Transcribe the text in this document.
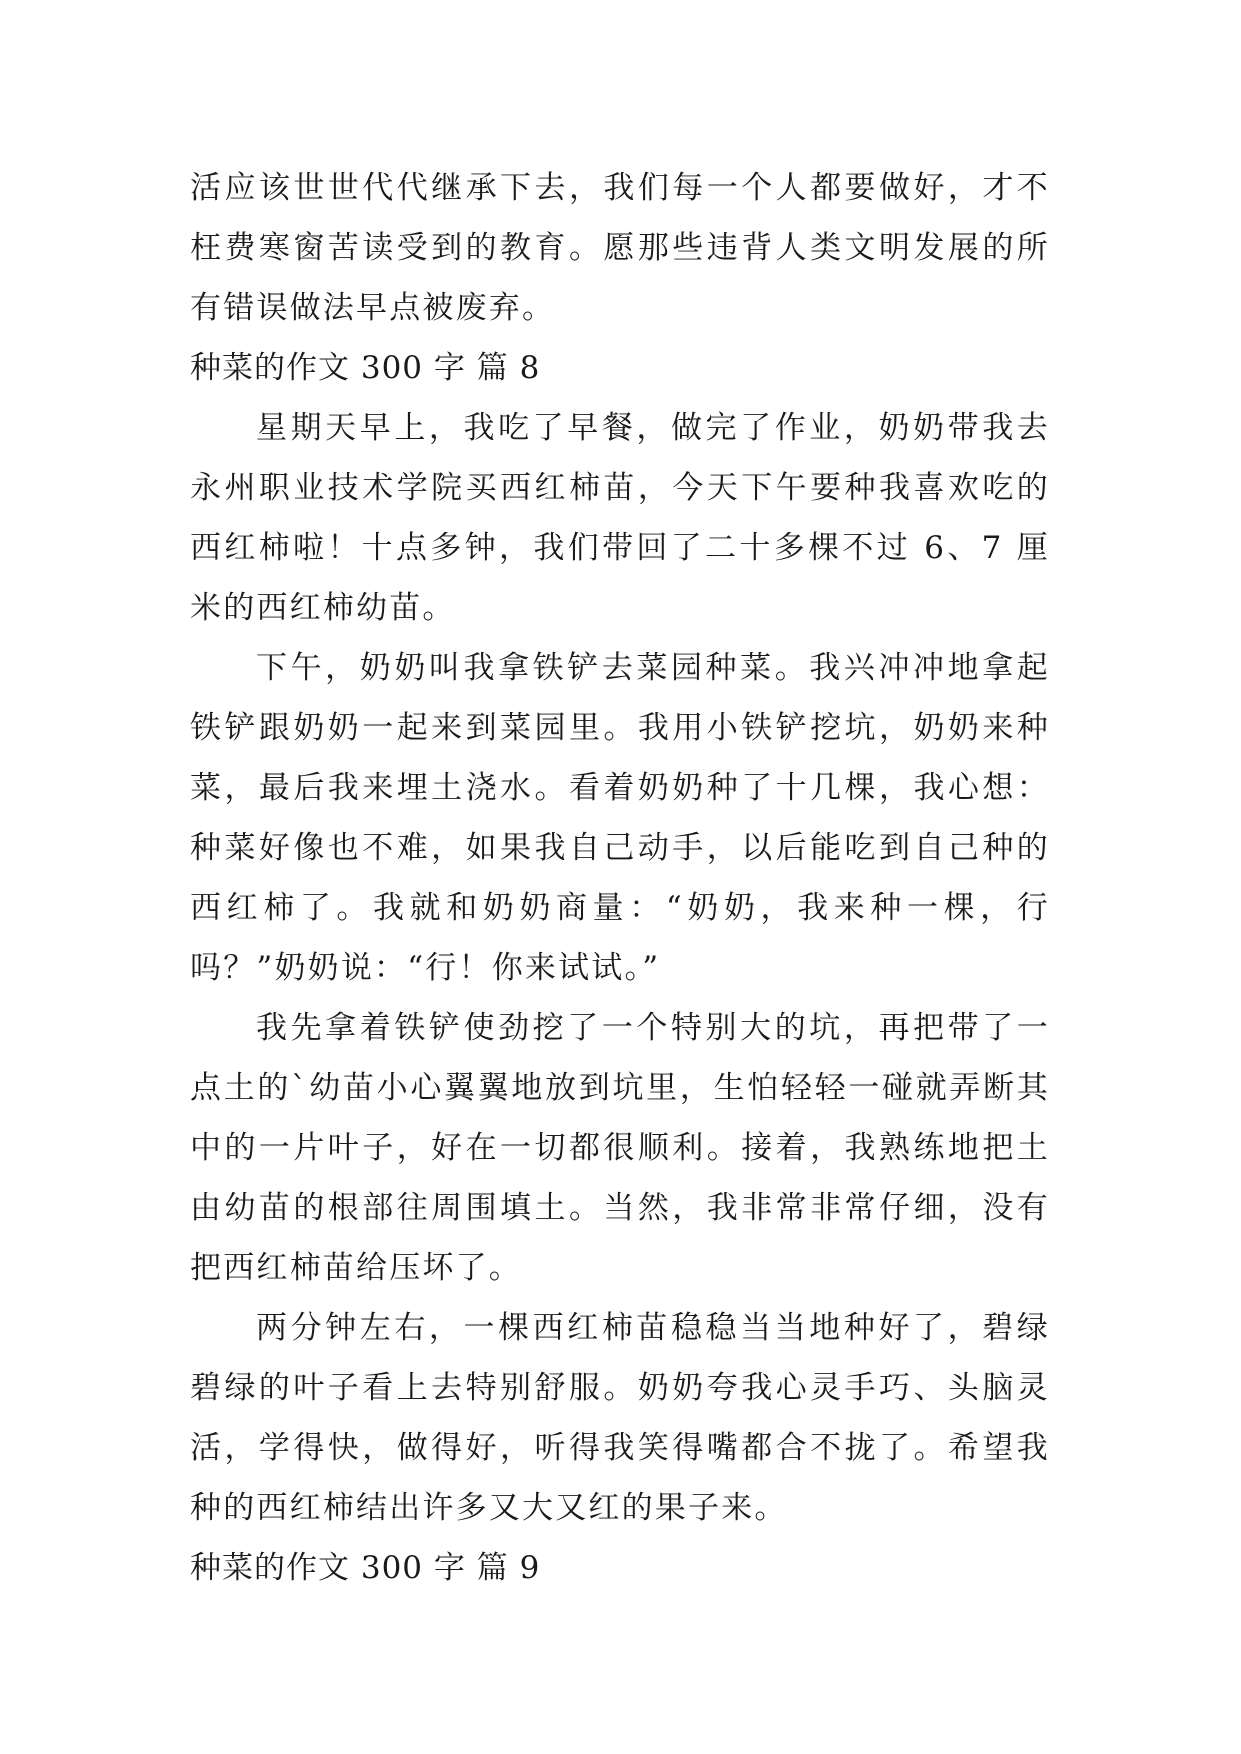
活应该世世代代继承下去，我们每一个人都要做好，才不枉费寒窗苦读受到的教育。愿那些违背人类文明发展的所有错误做法早点被废弃。

种菜的作文 300 字 篇 8

星期天早上，我吃了早餐，做完了作业，奶奶带我去永州职业技术学院买西红柿苗，今天下午要种我喜欢吃的西红柿啦！十点多钟，我们带回了二十多棵不过 6、7 厘米的西红柿幼苗。

下午，奶奶叫我拿铁铲去菜园种菜。我兴冲冲地拿起铁铲跟奶奶一起来到菜园里。我用小铁铲挖坑，奶奶来种菜，最后我来埋土浇水。看着奶奶种了十几棵，我心想：种菜好像也不难，如果我自己动手，以后能吃到自己种的西红柿了。我就和奶奶商量：“奶奶，我来种一棵，行吗？”奶奶说：“行！你来试试。”

我先拿着铁铲使劲挖了一个特别大的坑，再把带了一点土的`幼苗小心翼翼地放到坑里，生怕轻轻一碰就弄断其中的一片叶子，好在一切都很顺利。接着，我熟练地把土由幼苗的根部往周围填土。当然，我非常非常仔细，没有把西红柿苗给压坏了。

两分钟左右，一棵西红柿苗稳稳当当地种好了，碧绿碧绿的叶子看上去特别舒服。奶奶夸我心灵手巧、头脑灵活，学得快，做得好，听得我笑得嘴都合不拢了。希望我种的西红柿结出许多又大又红的果子来。

种菜的作文 300 字 篇 9
